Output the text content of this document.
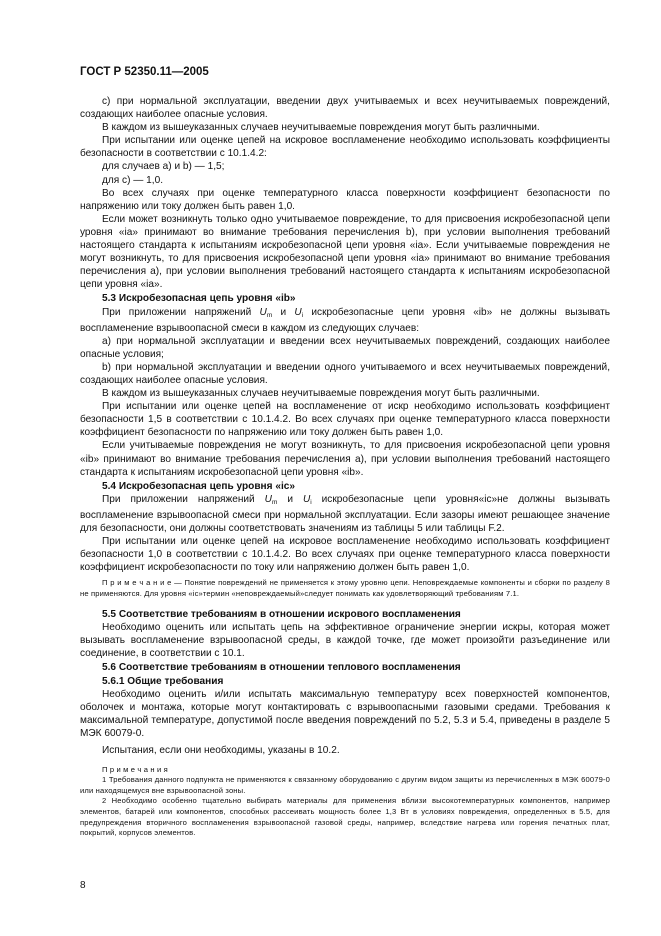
ГОСТ Р 52350.11—2005

c) при нормальной эксплуатации, введении двух учитываемых и всех неучитываемых повреждений, создающих наиболее опасные условия.

В каждом из вышеуказанных случаев неучитываемые повреждения могут быть различными.

При испытании или оценке цепей на искровое воспламенение необходимо использовать коэффициенты безопасности в соответствии с 10.1.4.2:

для случаев a) и b) — 1,5;

для c) — 1,0.

Во всех случаях при оценке температурного класса поверхности коэффициент безопасности по напряжению или току должен быть равен 1,0.

Если может возникнуть только одно учитываемое повреждение, то для присвоения искробезопасной цепи уровня «ia» принимают во внимание требования перечисления b), при условии выполнения требований настоящего стандарта к испытаниям искробезопасной цепи уровня «ia». Если учитываемые повреждения не могут возникнуть, то для присвоения искробезопасной цепи уровня «ia» принимают во внимание требования перечисления a), при условии выполнения требований настоящего стандарта к испытаниям искробезопасной цепи уровня «ia».

5.3 Искробезопасная цепь уровня «ib»

При приложении напряжений $U_m$ и $U_i$ искробезопасные цепи уровня «ib» не должны вызывать воспламенение взрывоопасной смеси в каждом из следующих случаев:

a) при нормальной эксплуатации и введении всех неучитываемых повреждений, создающих наиболее опасные условия;

b) при нормальной эксплуатации и введении одного учитываемого и всех неучитываемых повреждений, создающих наиболее опасные условия.

В каждом из вышеуказанных случаев неучитываемые повреждения могут быть различными.

При испытании или оценке цепей на воспламенение от искр необходимо использовать коэффициент безопасности 1,5 в соответствии с 10.1.4.2. Во всех случаях при оценке температурного класса поверхности коэффициент безопасности по напряжению или току должен быть равен 1,0.

Если учитываемые повреждения не могут возникнуть, то для присвоения искробезопасной цепи уровня «ib» принимают во внимание требования перечисления a), при условии выполнения требований настоящего стандарта к испытаниям искробезопасной цепи уровня «ib».

5.4 Искробезопасная цепь уровня «ic»

При приложении напряжений $U_m$ и $U_i$ искробезопасные цепи уровня«ic»не должны вызывать воспламенение взрывоопасной смеси при нормальной эксплуатации. Если зазоры имеют решающее значение для безопасности, они должны соответствовать значениям из таблицы 5 или таблицы F.2.

При испытании или оценке цепей на искровое воспламенение необходимо использовать коэффициент безопасности 1,0 в соответствии с 10.1.4.2. Во всех случаях при оценке температурного класса поверхности коэффициент искробезопасности по току или напряжению должен быть равен 1,0.

П р и м е ч а н и е — Понятие повреждений не применяется к этому уровню цепи. Неповреждаемые компоненты и сборки по разделу 8 не применяются. Для уровня «ic»термин «неповреждаемый»следует понимать как удовлетворяющий требованиям 7.1.

5.5 Соответствие требованиям в отношении искрового воспламенения

Необходимо оценить или испытать цепь на эффективное ограничение энергии искры, которая может вызывать воспламенение взрывоопасной среды, в каждой точке, где может произойти разъединение или соединение, в соответствии с 10.1.

5.6 Соответствие требованиям в отношении теплового воспламенения
5.6.1 Общие требования

Необходимо оценить и/или испытать максимальную температуру всех поверхностей компонентов, оболочек и монтажа, которые могут контактировать с взрывоопасными газовыми средами. Требования к максимальной температуре, допустимой после введения повреждений по 5.2, 5.3 и 5.4, приведены в разделе 5 МЭК 60079-0.

Испытания, если они необходимы, указаны в 10.2.

П р и м е ч а н и я

1 Требования данного подпункта не применяются к связанному оборудованию с другим видом защиты из перечисленных в МЭК 60079-0 или находящемуся вне взрывоопасной зоны.

2 Необходимо особенно тщательно выбирать материалы для применения вблизи высокотемпературных компонентов, например элементов, батарей или компонентов, способных рассеивать мощность более 1,3 Вт в условиях повреждения, определенных в 5.5, для предупреждения вторичного воспламенения взрывоопасной газовой среды, например, вследствие нагрева или горения печатных плат, покрытий, корпусов элементов.

8
